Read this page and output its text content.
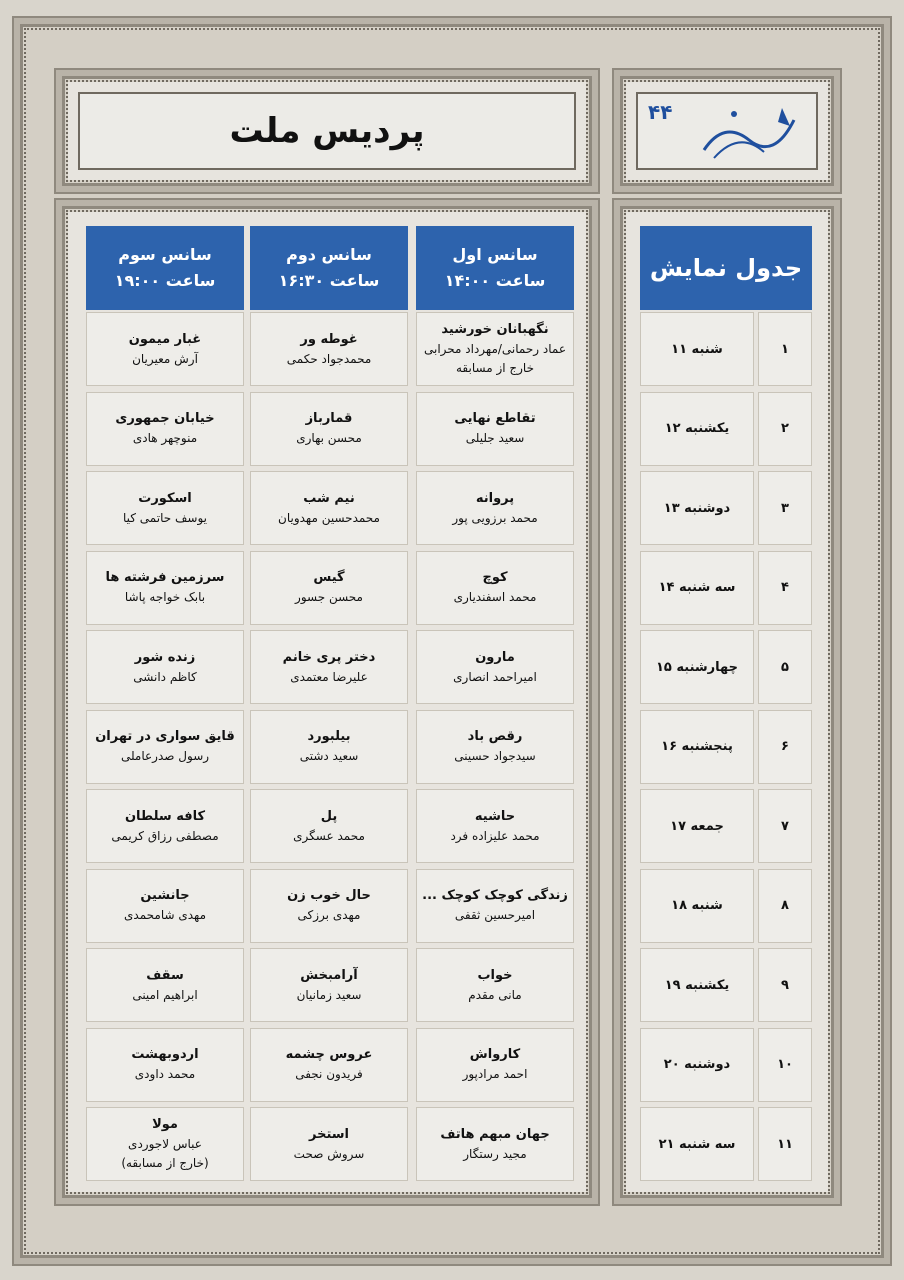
پردیس ملت	۴۴
جدول نمایش
سانس اول
ساعت ۱۴:۰۰
سانس دوم
ساعت ۱۶:۳۰
سانس سوم
ساعت ۱۹:۰۰
۱
شنبه ۱۱
نگهبانان خورشید
عماد رحمانی/مهرداد محرابی
خارج از مسابقه
غوطه ور
محمدجواد حکمی
غبار میمون
آرش معیریان
۲
یکشنبه ۱۲
تقاطع نهایی
سعید جلیلی
قمارباز
محسن بهاری
خیابان جمهوری
منوچهر هادی
۳
دوشنبه ۱۳
پروانه
محمد برزویی پور
نیم شب
محمدحسین مهدویان
اسکورت
یوسف حاتمی کیا
۴
سه شنبه ۱۴
کوچ
محمد اسفندیاری
گیس
محسن جسور
سرزمین فرشته ها
بابک خواجه پاشا
۵
چهارشنبه ۱۵
مارون
امیراحمد انصاری
دختر پری خانم
علیرضا معتمدی
زنده شور
کاظم دانشی
۶
پنجشنبه ۱۶
رقص باد
سیدجواد حسینی
بیلبورد
سعید دشتی
قایق سواری در تهران
رسول صدرعاملی
۷
جمعه ۱۷
حاشیه
محمد علیزاده فرد
پل
محمد عسگری
کافه سلطان
مصطفی رزاق کریمی
۸
شنبه ۱۸
زندگی کوچک کوچک ...
امیرحسین ثقفی
حال خوب زن
مهدی برزکی
جانشین
مهدی شامحمدی
۹
یکشنبه ۱۹
خواب
مانی مقدم
آرامبخش
سعید زمانیان
سقف
ابراهیم امینی
۱۰
دوشنبه ۲۰
کارواش
احمد مرادپور
عروس چشمه
فریدون نجفی
اردوبهشت
محمد داودی
۱۱
سه شنبه ۲۱
جهان مبهم هاتف
مجید رستگار
استخر
سروش صحت
مولا
عباس لاجوردی
(خارج از مسابقه)
